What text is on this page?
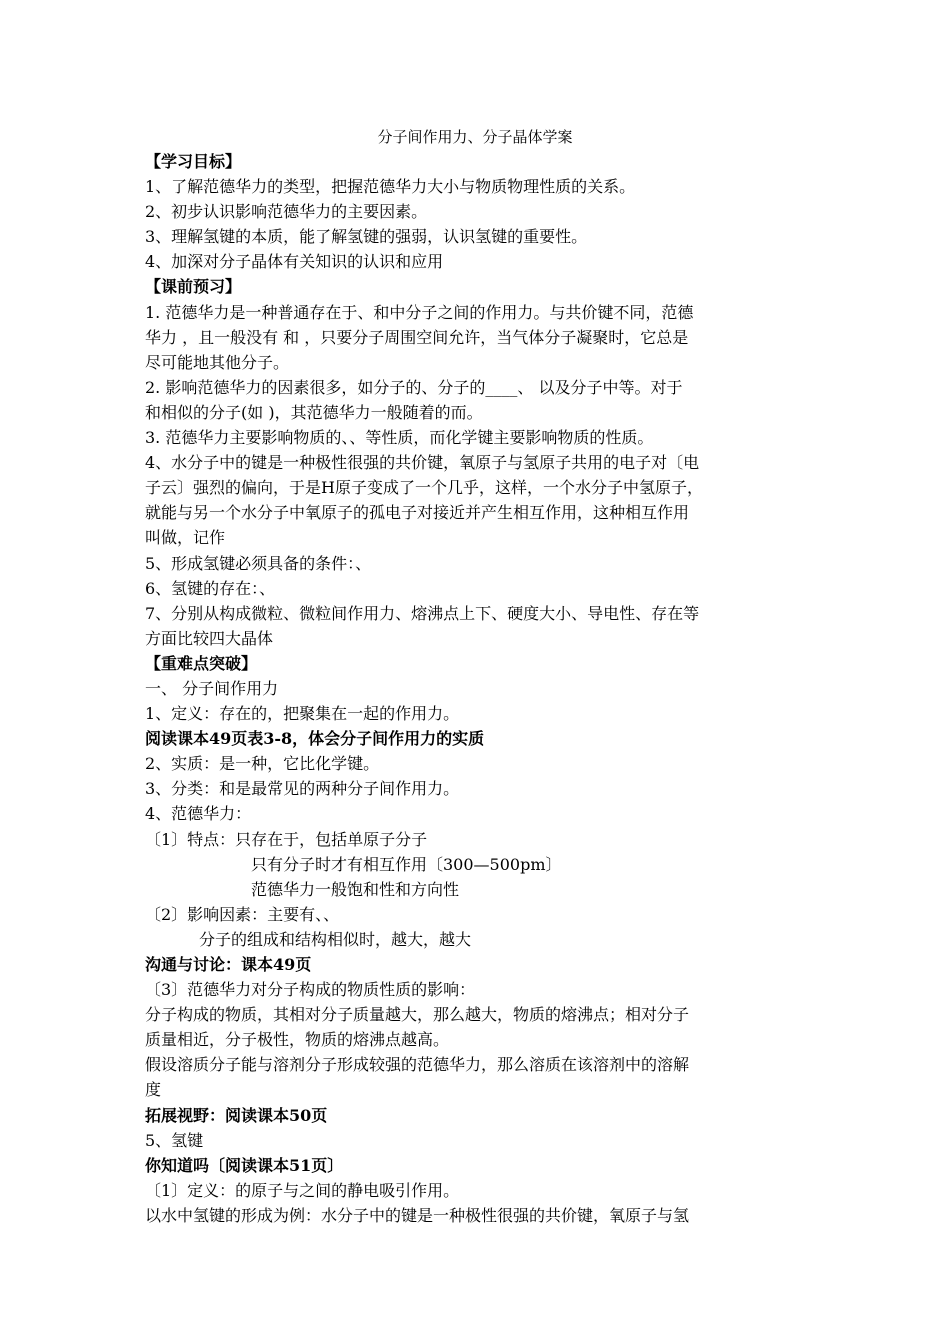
分子间作用力、分子晶体学案
【学习目标】
1、了解范德华力的类型，把握范德华力大小与物质物理性质的关系。
2、初步认识影响范德华力的主要因素。
3、理解氢键的本质，能了解氢键的强弱，认识氢键的重要性。
4、加深对分子晶体有关知识的认识和应用
【课前预习】
1. 范德华力是一种普通存在于、和中分子之间的作用力。与共价键不同，范德
华力 ，且一般没有 和 ，只要分子周围空间允许，当气体分子凝聚时，它总是
尽可能地其他分子。
2. 影响范德华力的因素很多，如分子的、分子的____、 以及分子中等。对于
和相似的分子(如 )，其范德华力一般随着的而。
3. 范德华力主要影响物质的、、等性质，而化学键主要影响物质的性质。
4、水分子中的键是一种极性很强的共价键，氧原子与氢原子共用的电子对〔电
子云〕强烈的偏向，于是H原子变成了一个几乎，这样，一个水分子中氢原子，
就能与另一个水分子中氧原子的孤电子对接近并产生相互作用，这种相互作用
叫做，记作
5、形成氢键必须具备的条件：、
6、氢键的存在：、
7、分别从构成微粒、微粒间作用力、熔沸点上下、硬度大小、导电性、存在等
方面比较四大晶体
【重难点突破】
一、 分子间作用力
1、定义：存在的，把聚集在一起的作用力。
阅读课本49页表3-8，体会分子间作用力的实质
2、实质：是一种，它比化学键。
3、分类：和是最常见的两种分子间作用力。
4、范德华力：
〔1〕特点：只存在于，包括单原子分子
只有分子时才有相互作用〔300—500pm〕
范德华力一般饱和性和方向性
〔2〕影响因素：主要有、、
分子的组成和结构相似时，越大，越大
沟通与讨论：课本49页
〔3〕范德华力对分子构成的物质性质的影响：
分子构成的物质，其相对分子质量越大，那么越大，物质的熔沸点；相对分子
质量相近，分子极性，物质的熔沸点越高。
假设溶质分子能与溶剂分子形成较强的范德华力，那么溶质在该溶剂中的溶解
度
拓展视野：阅读课本50页
5、氢键
你知道吗〔阅读课本51页〕
〔1〕定义：的原子与之间的静电吸引作用。
以水中氢键的形成为例：水分子中的键是一种极性很强的共价键，氧原子与氢
